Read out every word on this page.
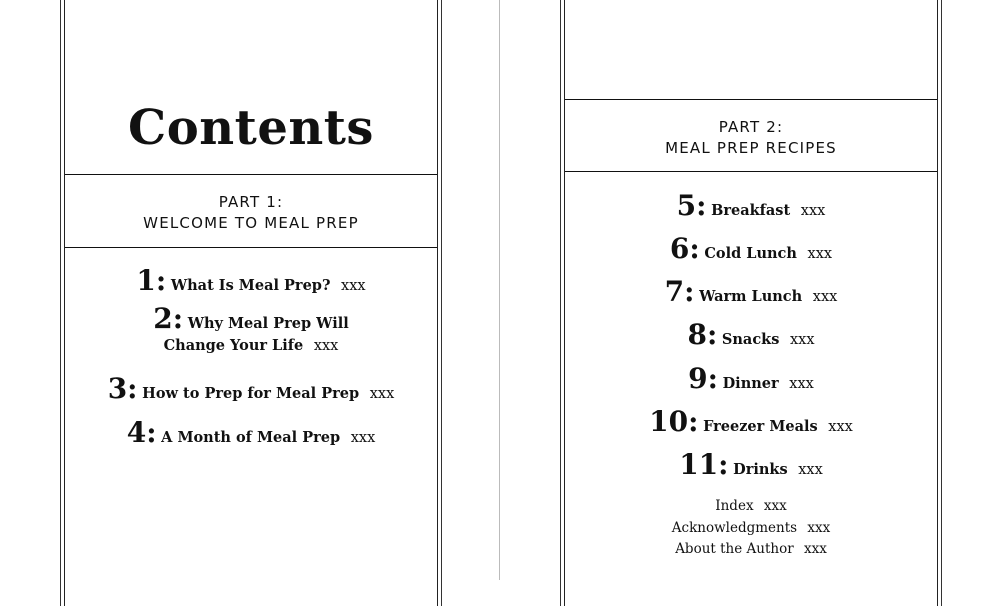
Contents
PART 1:
WELCOME TO MEAL PREP
1: What Is Meal Prep? xxx
2: Why Meal Prep Will
Change Your Life xxx
3: How to Prep for Meal Prep xxx
4: A Month of Meal Prep xxx
PART 2:
MEAL PREP RECIPES
5: Breakfast xxx
6: Cold Lunch xxx
7: Warm Lunch xxx
8: Snacks xxx
9: Dinner xxx
10: Freezer Meals xxx
11: Drinks xxx
Index xxx
Acknowledgments xxx
About the Author xxx
